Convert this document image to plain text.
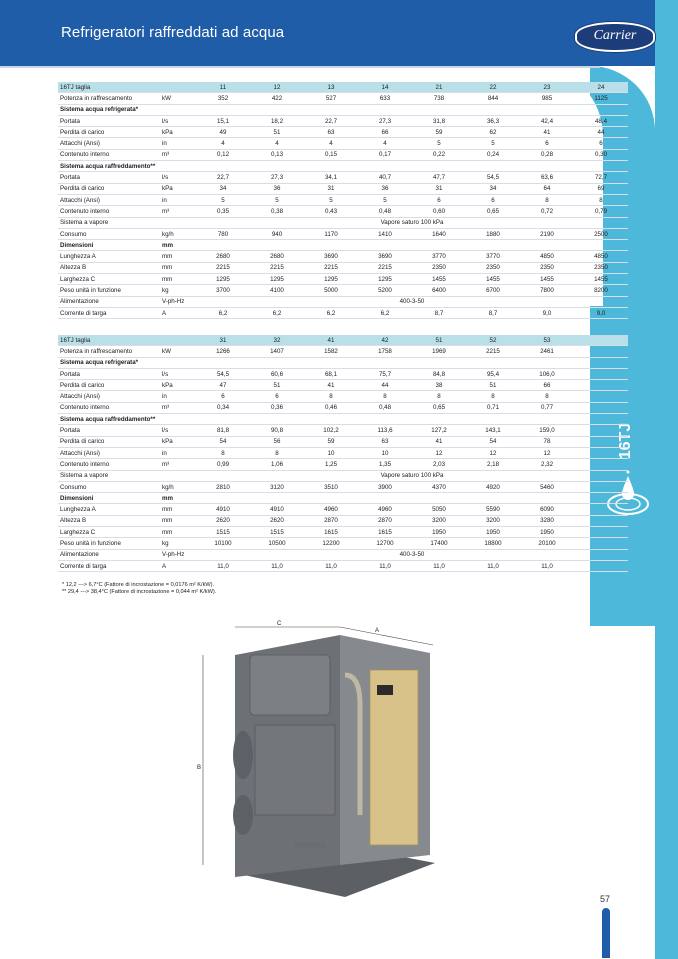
Refrigeratori raffreddati ad acqua	Carrier
16TJ
16TJ taglia		11	12	13	14	21	22	23	24
Potenza in raffrescamento	kW	352	422	527	633	738	844	985	1125
Sistema acqua refrigerata*									
Portata	l/s	15,1	18,2	22,7	27,3	31,8	36,3	42,4	48,4
Perdita di carico	kPa	49	51	63	66	59	62	41	44
Attacchi (Ansi)	in	4	4	4	4	5	5	6	6
Contenuto interno	m³	0,12	0,13	0,15	0,17	0,22	0,24	0,28	0,30
Sistema acqua raffreddamento**									
Portata	l/s	22,7	27,3	34,1	40,7	47,7	54,5	63,6	72,7
Perdita di carico	kPa	34	36	31	36	31	34	64	69
Attacchi (Ansi)	in	5	5	5	5	6	6	8	8
Contenuto interno	m³	0,35	0,38	0,43	0,48	0,60	0,65	0,72	0,79
Sistema a vapore		Vapore saturo 100 kPa							
Consumo	kg/h	780	940	1170	1410	1640	1880	2190	2500
Dimensioni	mm								
Lunghezza A	mm	2680	2680	3690	3690	3770	3770	4850	4850
Altezza B	mm	2215	2215	2215	2215	2350	2350	2350	2350
Larghezza C	mm	1295	1295	1295	1295	1455	1455	1455	1455
Peso unità in funzione	kg	3700	4100	5000	5200	6400	6700	7800	8200
Alimentazione	V-ph-Hz	400-3-50							
Corrente di targa	A	6,2	6,2	6,2	6,2	8,7	8,7	9,0	9,0
16TJ taglia		31	32	41	42	51	52	53	
Potenza in raffrescamento	kW	1266	1407	1582	1758	1969	2215	2461	
Sistema acqua refrigerata*									
Portata	l/s	54,5	60,6	68,1	75,7	84,8	95,4	106,0	
Perdita di carico	kPa	47	51	41	44	38	51	66	
Attacchi (Ansi)	in	6	6	8	8	8	8	8	
Contenuto interno	m³	0,34	0,36	0,46	0,48	0,65	0,71	0,77	
Sistema acqua raffreddamento**									
Portata	l/s	81,8	90,8	102,2	113,6	127,2	143,1	159,0	
Perdita di carico	kPa	54	56	59	63	41	54	78	
Attacchi (Ansi)	in	8	8	10	10	12	12	12	
Contenuto interno	m³	0,99	1,06	1,25	1,35	2,03	2,18	2,32	
Sistema a vapore		Vapore saturo 100 kPa							
Consumo	kg/h	2810	3120	3510	3900	4370	4920	5460	
Dimensioni	mm								
Lunghezza A	mm	4910	4910	4960	4960	5050	5590	6090	
Altezza B	mm	2620	2620	2870	2870	3200	3200	3280	
Larghezza C	mm	1515	1515	1615	1615	1950	1950	1950	
Peso unità in funzione	kg	10100	10500	12200	12700	17400	18800	20100	
Alimentazione	V-ph-Hz	400-3-50							
Corrente di targa	A	11,0	11,0	11,0	11,0	11,0	11,0	11,0	
* 12,2 ---> 6,7°C (Fattore di incrostazione = 0,0176 m² K/kW).
** 29,4 ---> 38,4°C (Fattore di incrostazione = 0,044 m² K/kW).
C
A
B
57
